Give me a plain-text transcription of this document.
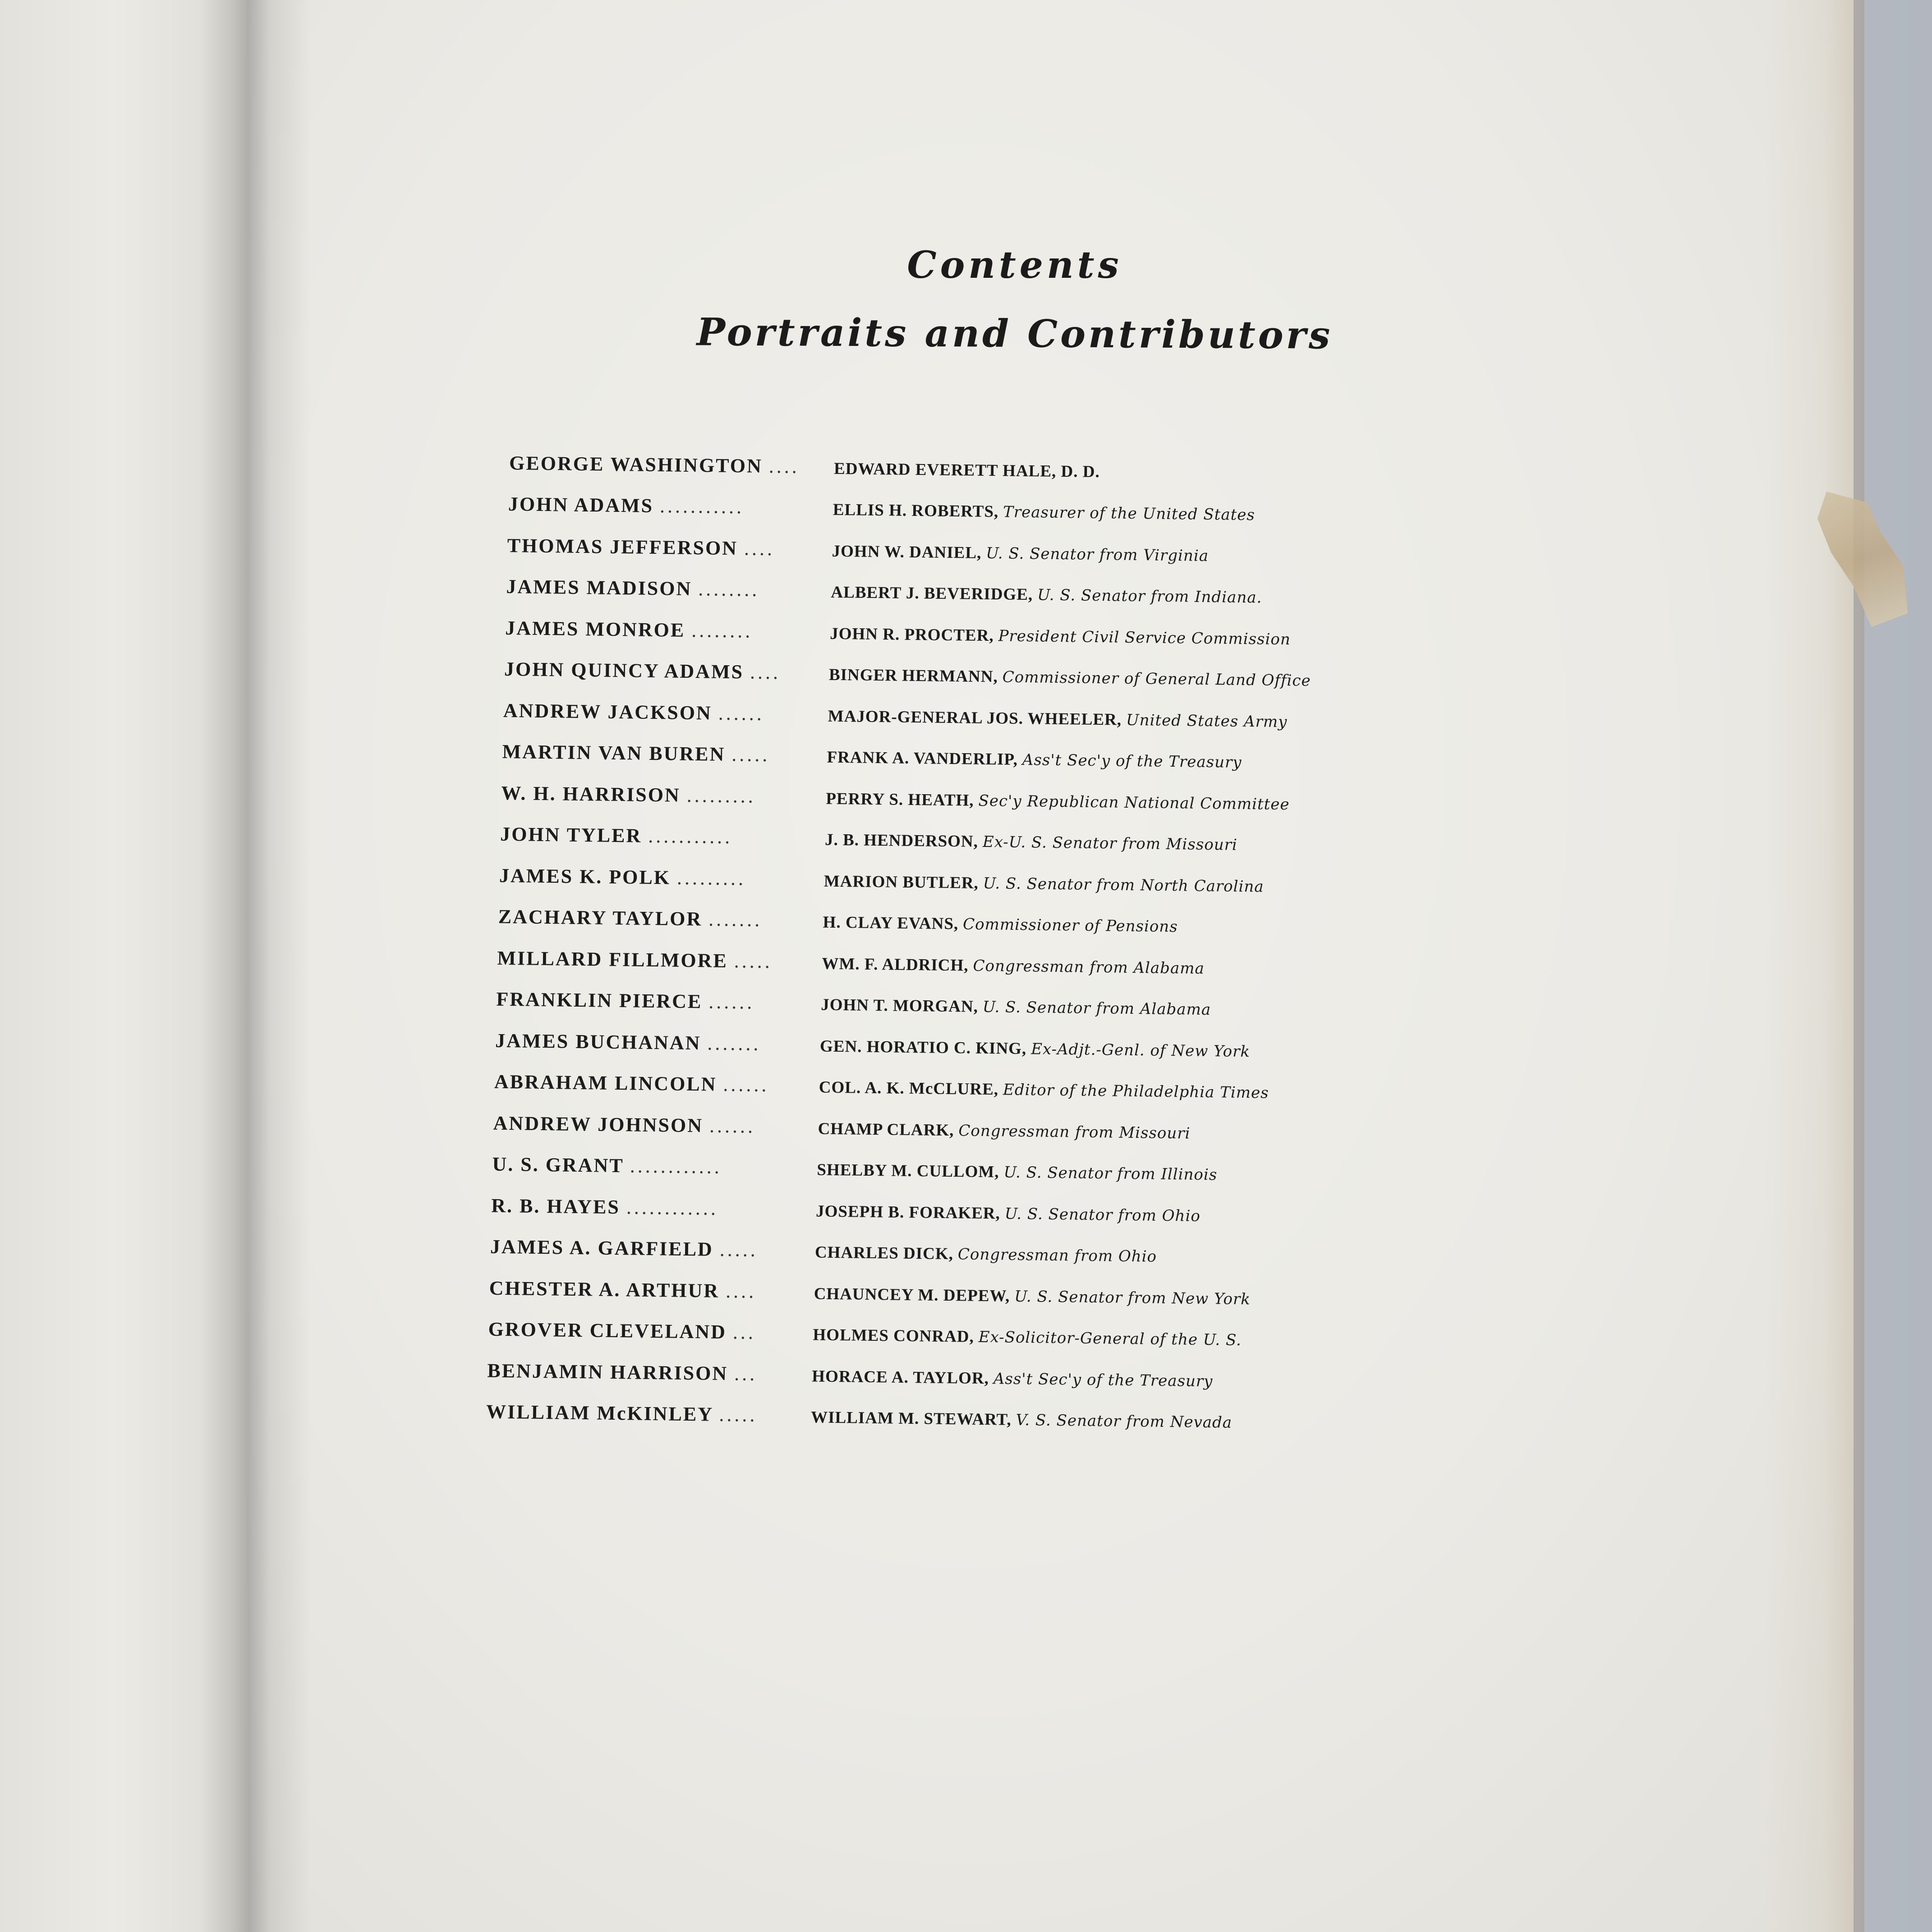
Contents
Portraits and Contributors
GEORGE WASHINGTON ....	EDWARD EVERETT HALE, D. D.
JOHN ADAMS ...........	ELLIS H. ROBERTS, Treasurer of the United States
THOMAS JEFFERSON ....	JOHN W. DANIEL, U. S. Senator from Virginia
JAMES MADISON ........	ALBERT J. BEVERIDGE, U. S. Senator from Indiana.
JAMES MONROE ........	JOHN R. PROCTER, President Civil Service Commission
JOHN QUINCY ADAMS ....	BINGER HERMANN, Commissioner of General Land Office
ANDREW JACKSON ......	MAJOR-GENERAL JOS. WHEELER, United States Army
MARTIN VAN BUREN .....	FRANK A. VANDERLIP, Ass't Sec'y of the Treasury
W. H. HARRISON .........	PERRY S. HEATH, Sec'y Republican National Committee
JOHN TYLER ...........	J. B. HENDERSON, Ex-U. S. Senator from Missouri
JAMES K. POLK .........	MARION BUTLER, U. S. Senator from North Carolina
ZACHARY TAYLOR .......	H. CLAY EVANS, Commissioner of Pensions
MILLARD FILLMORE .....	WM. F. ALDRICH, Congressman from Alabama
FRANKLIN PIERCE ......	JOHN T. MORGAN, U. S. Senator from Alabama
JAMES BUCHANAN .......	GEN. HORATIO C. KING, Ex-Adjt.-Genl. of New York
ABRAHAM LINCOLN ......	COL. A. K. McCLURE, Editor of the Philadelphia Times
ANDREW JOHNSON ......	CHAMP CLARK, Congressman from Missouri
U. S. GRANT ............	SHELBY M. CULLOM, U. S. Senator from Illinois
R. B. HAYES ............	JOSEPH B. FORAKER, U. S. Senator from Ohio
JAMES A. GARFIELD .....	CHARLES DICK, Congressman from Ohio
CHESTER A. ARTHUR ....	CHAUNCEY M. DEPEW, U. S. Senator from New York
GROVER CLEVELAND ...	HOLMES CONRAD, Ex-Solicitor-General of the U. S.
BENJAMIN HARRISON ...	HORACE A. TAYLOR, Ass't Sec'y of the Treasury
WILLIAM McKINLEY .....	WILLIAM M. STEWART, V. S. Senator from Nevada
